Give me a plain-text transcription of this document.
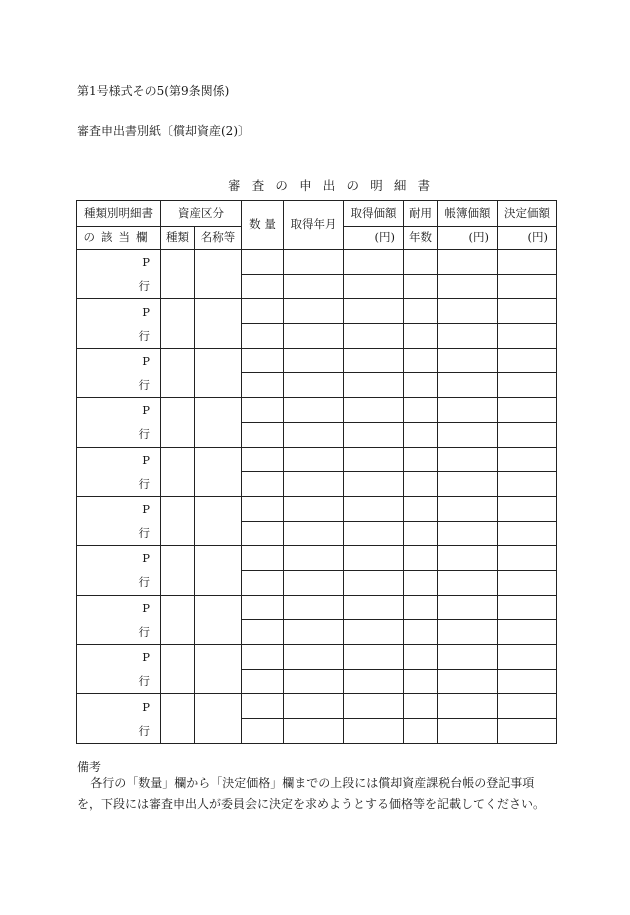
第1号様式その5(第9条関係)
審査申出書別紙〔償却資産(2)〕
審査の申出の明細書
種類別明細書	資産区分		数 量	取得年月	取得価額	耐用	帳簿価額	決定価額
の該当欄	種類	名称等			(円)	年数	(円)	(円)

P
行								

P
行								

P
行								

P
行								

P
行								

P
行								

P
行								

P
行								

P
行								

P
行								

備考
各行の「数量」欄から「決定価格」欄までの上段には償却資産課税台帳の登記事項を，下段には審査申出人が委員会に決定を求めようとする価格等を記載してください。
